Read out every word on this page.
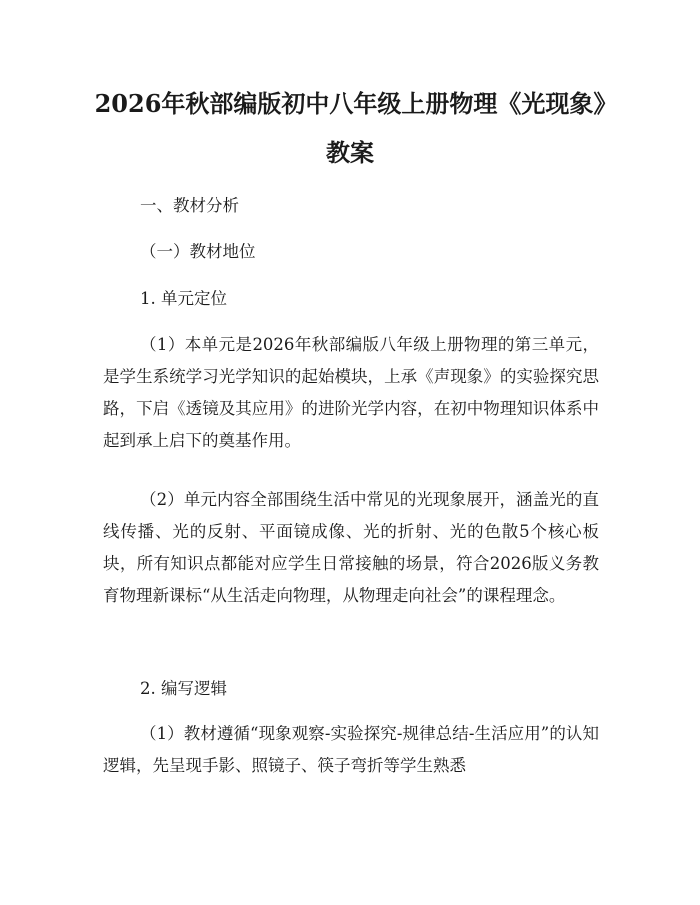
2026年秋部编版初中八年级上册物理《光现象》教案
一、教材分析
（一）教材地位
1. 单元定位

（1）本单元是2026年秋部编版八年级上册物理的第三单元，是学生系统学习光学知识的起始模块，上承《声现象》的实验探究思路，下启《透镜及其应用》的进阶光学内容，在初中物理知识体系中起到承上启下的奠基作用。

（2）单元内容全部围绕生活中常见的光现象展开，涵盖光的直线传播、光的反射、平面镜成像、光的折射、光的色散5个核心板块，所有知识点都能对应学生日常接触的场景，符合2026版义务教育物理新课标“从生活走向物理，从物理走向社会”的课程理念。

2. 编写逻辑

（1）教材遵循“现象观察-实验探究-规律总结-生活应用”的认知逻辑，先呈现手影、照镜子、筷子弯折等学生熟悉
